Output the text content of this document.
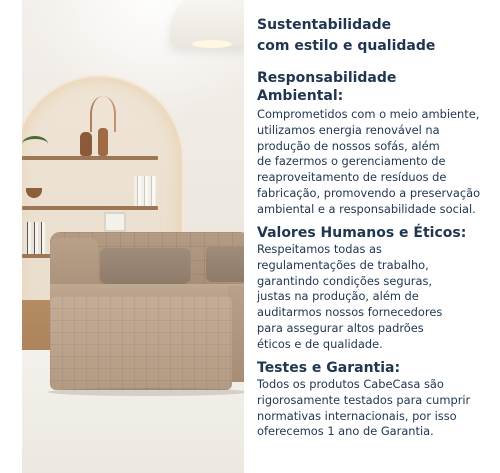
Sustentabilidade
com estilo e qualidade
Responsabilidade
Ambiental:
Comprometidos com o meio ambiente,
utilizamos energia renovável na
produção de nossos sofás, além
de fazermos o gerenciamento de
reaproveitamento de resíduos de
fabricação, promovendo a preservação
ambiental e a responsabilidade social.
Valores Humanos e Éticos:
Respeitamos todas as
regulamentações de trabalho,
garantindo condições seguras,
justas na produção, além de
auditarmos nossos fornecedores
para assegurar altos padrões
éticos e de qualidade.
Testes e Garantia:
Todos os produtos CabeCasa são
rigorosamente testados para cumprir
normativas internacionais, por isso
oferecemos 1 ano de Garantia.
